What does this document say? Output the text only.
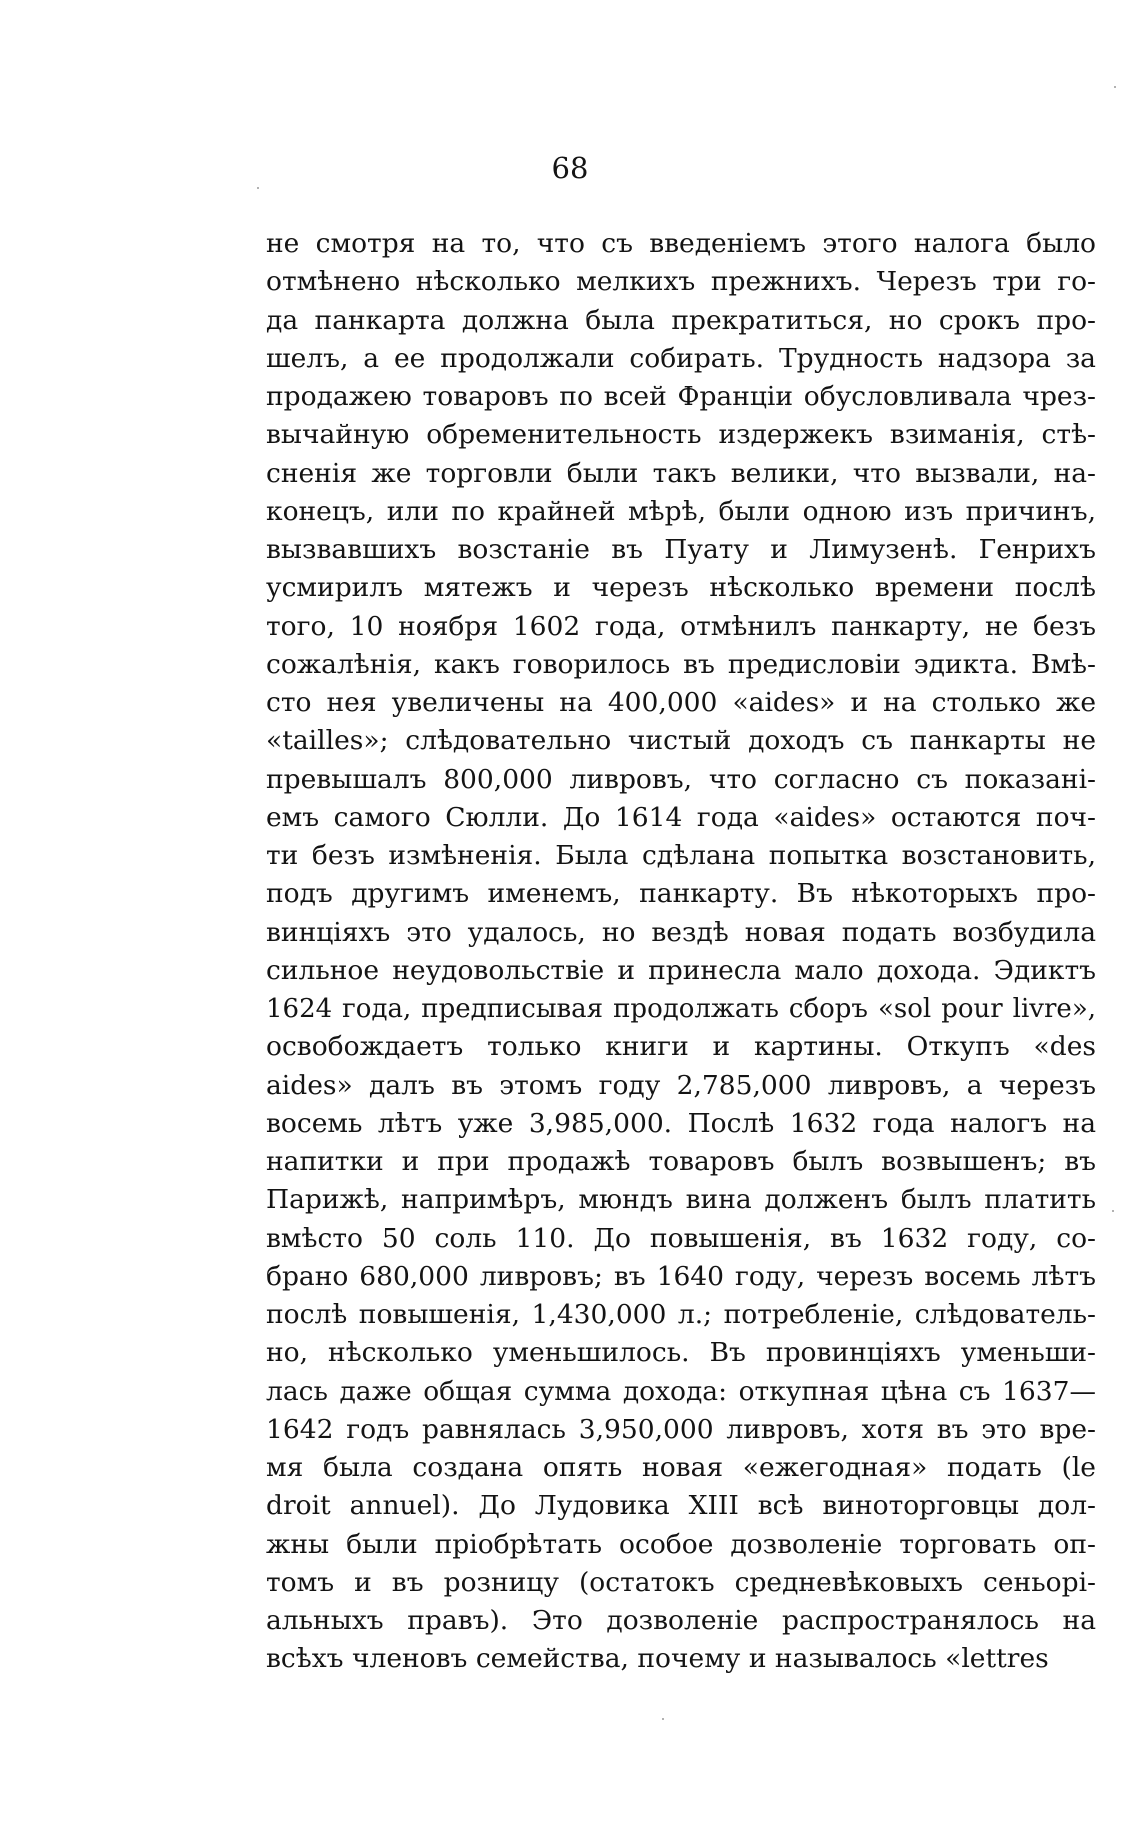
68
не смотря на то, что съ введеніемъ этого налога было
отмѣнено нѣсколько мелкихъ прежнихъ. Черезъ три го-
да панкарта должна была прекратиться, но срокъ про-
шелъ, а ее продолжали собирать. Трудность надзора за
продажею товаровъ по всей Франціи обусловливала чрез-
вычайную обременительность издержекъ взиманія, стѣ-
сненія же торговли были такъ велики, что вызвали, на-
конецъ, или по крайней мѣрѣ, были одною изъ причинъ,
вызвавшихъ возстаніе въ Пуату и Лимузенѣ. Генрихъ
усмирилъ мятежъ и черезъ нѣсколько времени послѣ
того, 10 ноября 1602 года, отмѣнилъ панкарту, не безъ
сожалѣнія, какъ говорилось въ предисловіи эдикта. Вмѣ-
сто нея увеличены на 400,000 «aides» и на столько же
«tailles»; слѣдовательно чистый доходъ съ панкарты не
превышалъ 800,000 ливровъ, что согласно съ показані-
емъ самого Сюлли. До 1614 года «aides» остаются поч-
ти безъ измѣненія. Была сдѣлана попытка возстановить,
подъ другимъ именемъ, панкарту. Въ нѣкоторыхъ про-
винціяхъ это удалось, но вездѣ новая подать возбудила
сильное неудовольствіе и принесла мало дохода. Эдиктъ
1624 года, предписывая продолжать сборъ «sol pour livre»,
освобождаетъ только книги и картины. Откупъ «des
aides» далъ въ этомъ году 2,785,000 ливровъ, а черезъ
восемь лѣтъ уже 3,985,000. Послѣ 1632 года налогъ на
напитки и при продажѣ товаровъ былъ возвышенъ; въ
Парижѣ, напримѣръ, мюндъ вина долженъ былъ платить
вмѣсто 50 соль 110. До повышенія, въ 1632 году, со-
брано 680,000 ливровъ; въ 1640 году, черезъ восемь лѣтъ
послѣ повышенія, 1,430,000 л.; потребленіе, слѣдователь-
но, нѣсколько уменьшилось. Въ провинціяхъ уменьши-
лась даже общая сумма дохода: откупная цѣна съ 1637—
1642 годъ равнялась 3,950,000 ливровъ, хотя въ это вре-
мя была создана опять новая «ежегодная» подать (le
droit annuel). До Лудовика XIII всѣ виноторговцы дол-
жны были пріобрѣтать особое дозволеніе торговать оп-
томъ и въ розницу (остатокъ средневѣковыхъ сеньорі-
альныхъ правъ). Это дозволеніе распространялось на
всѣхъ членовъ семейства, почему и называлось «lettres
